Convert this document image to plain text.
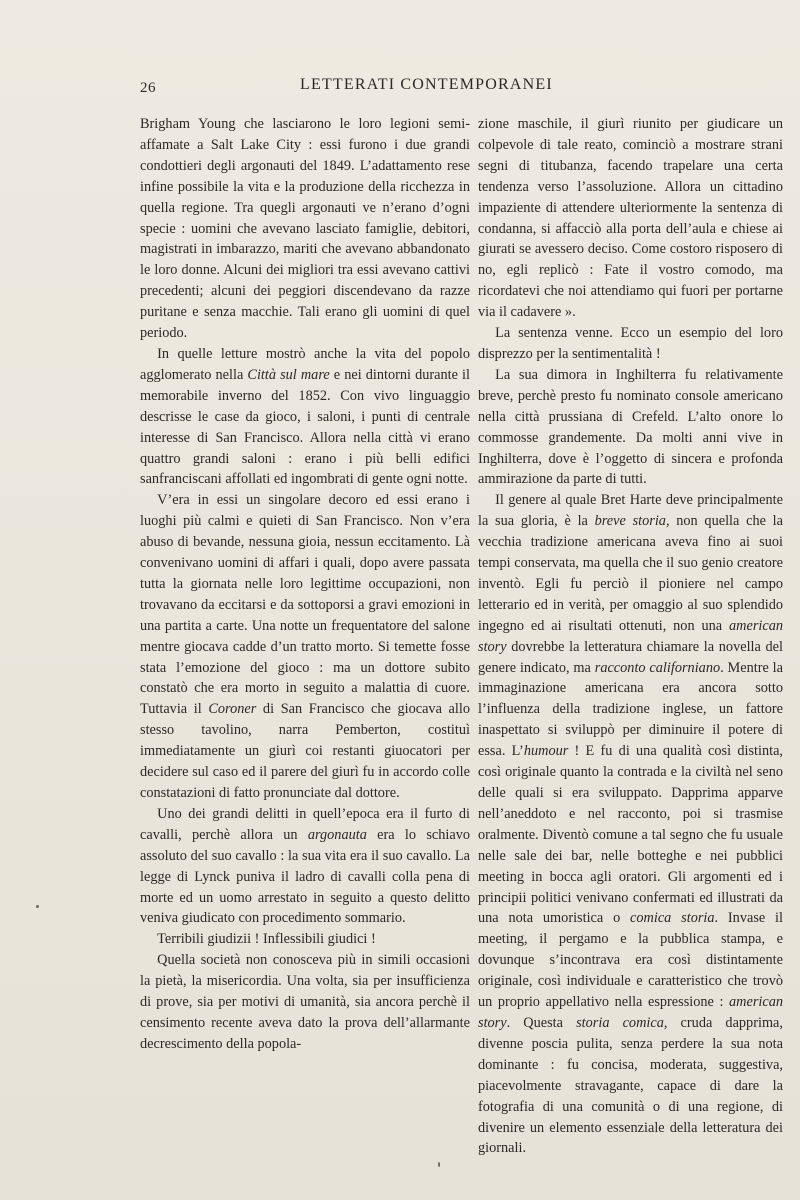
26	LETTERATI CONTEMPORANEI

Brigham Young che lasciarono le loro legioni semi-affamate a Salt Lake City : essi furono i due grandi condottieri degli argonauti del 1849. L’adattamento rese infine possibile la vita e la produzione della ricchezza in quella regione. Tra quegli argonauti ve n’erano d’ogni specie : uomini che avevano lasciato famiglie, debitori, magistrati in imbarazzo, mariti che avevano abbandonato le loro donne. Alcuni dei migliori tra essi avevano cattivi precedenti; alcuni dei peggiori discendevano da razze puritane e senza macchie. Tali erano gli uomini di quel periodo.

In quelle letture mostrò anche la vita del popolo agglomerato nella Città sul mare e nei dintorni durante il memorabile inverno del 1852. Con vivo linguaggio descrisse le case da gioco, i saloni, i punti di centrale interesse di San Francisco. Allora nella città vi erano quattro grandi saloni : erano i più belli edifici sanfranciscani affollati ed ingombrati di gente ogni notte.

V’era in essi un singolare decoro ed essi erano i luoghi più calmi e quieti di San Francisco. Non v’era abuso di bevande, nessuna gioia, nessun eccitamento. Là convenivano uomini di affari i quali, dopo avere passata tutta la giornata nelle loro legittime occupazioni, non trovavano da eccitarsi e da sottoporsi a gravi emozioni in una partita a carte. Una notte un frequentatore del salone mentre giocava cadde d’un tratto morto. Si temette fosse stata l’emozione del gioco : ma un dottore subito constatò che era morto in seguito a malattia di cuore. Tuttavia il Coroner di San Francisco che giocava allo stesso tavolino, narra Pemberton, costituì immediatamente un giurì coi restanti giuocatori per decidere sul caso ed il parere del giurì fu in accordo colle constatazioni di fatto pronunciate dal dottore.

Uno dei grandi delitti in quell’epoca era il furto di cavalli, perchè allora un argonauta era lo schiavo assoluto del suo cavallo : la sua vita era il suo cavallo. La legge di Lynck puniva il ladro di cavalli colla pena di morte ed un uomo arrestato in seguito a questo delitto veniva giudicato con procedimento sommario.

Terribili giudizii ! Inflessibili giudici !

Quella società non conosceva più in simili occasioni la pietà, la misericordia. Una volta, sia per insufficienza di prove, sia per motivi di umanità, sia ancora perchè il censimento recente aveva dato la prova dell’allarmante decrescimento della popola-

zione maschile, il giurì riunito per giudicare un colpevole di tale reato, cominciò a mostrare strani segni di titubanza, facendo trapelare una certa tendenza verso l’assoluzione. Allora un cittadino impaziente di attendere ulteriormente la sentenza di condanna, si affacciò alla porta dell’aula e chiese ai giurati se avessero deciso. Come costoro risposero di no, egli replicò : Fate il vostro comodo, ma ricordatevi che noi attendiamo qui fuori per portarne via il cadavere ».

La sentenza venne. Ecco un esempio del loro disprezzo per la sentimentalità !

La sua dimora in Inghilterra fu relativamente breve, perchè presto fu nominato console americano nella città prussiana di Crefeld. L’alto onore lo commosse grandemente. Da molti anni vive in Inghilterra, dove è l’oggetto di sincera e profonda ammirazione da parte di tutti.

Il genere al quale Bret Harte deve principalmente la sua gloria, è la breve storia, non quella che la vecchia tradizione americana aveva fino ai suoi tempi conservata, ma quella che il suo genio creatore inventò. Egli fu perciò il pioniere nel campo letterario ed in verità, per omaggio al suo splendido ingegno ed ai risultati ottenuti, non una american story dovrebbe la letteratura chiamare la novella del genere indicato, ma racconto californiano. Mentre la immaginazione americana era ancora sotto l’influenza della tradizione inglese, un fattore inaspettato si sviluppò per diminuire il potere di essa. L’humour ! E fu di una qualità così distinta, così originale quanto la contrada e la civiltà nel seno delle quali si era sviluppato. Dapprima apparve nell’aneddoto e nel racconto, poi si trasmise oralmente. Diventò comune a tal segno che fu usuale nelle sale dei bar, nelle botteghe e nei pubblici meeting in bocca agli oratori. Gli argomenti ed i principii politici venivano confermati ed illustrati da una nota umoristica o comica storia. Invase il meeting, il pergamo e la pubblica stampa, e dovunque s’incontrava era così distintamente originale, così individuale e caratteristico che trovò un proprio appellativo nella espressione : american story. Questa storia comica, cruda dapprima, divenne poscia pulita, senza perdere la sua nota dominante : fu concisa, moderata, suggestiva, piacevolmente stravagante, capace di dare la fotografia di una comunità o di una regione, di divenire un elemento essenziale della letteratura dei giornali.
